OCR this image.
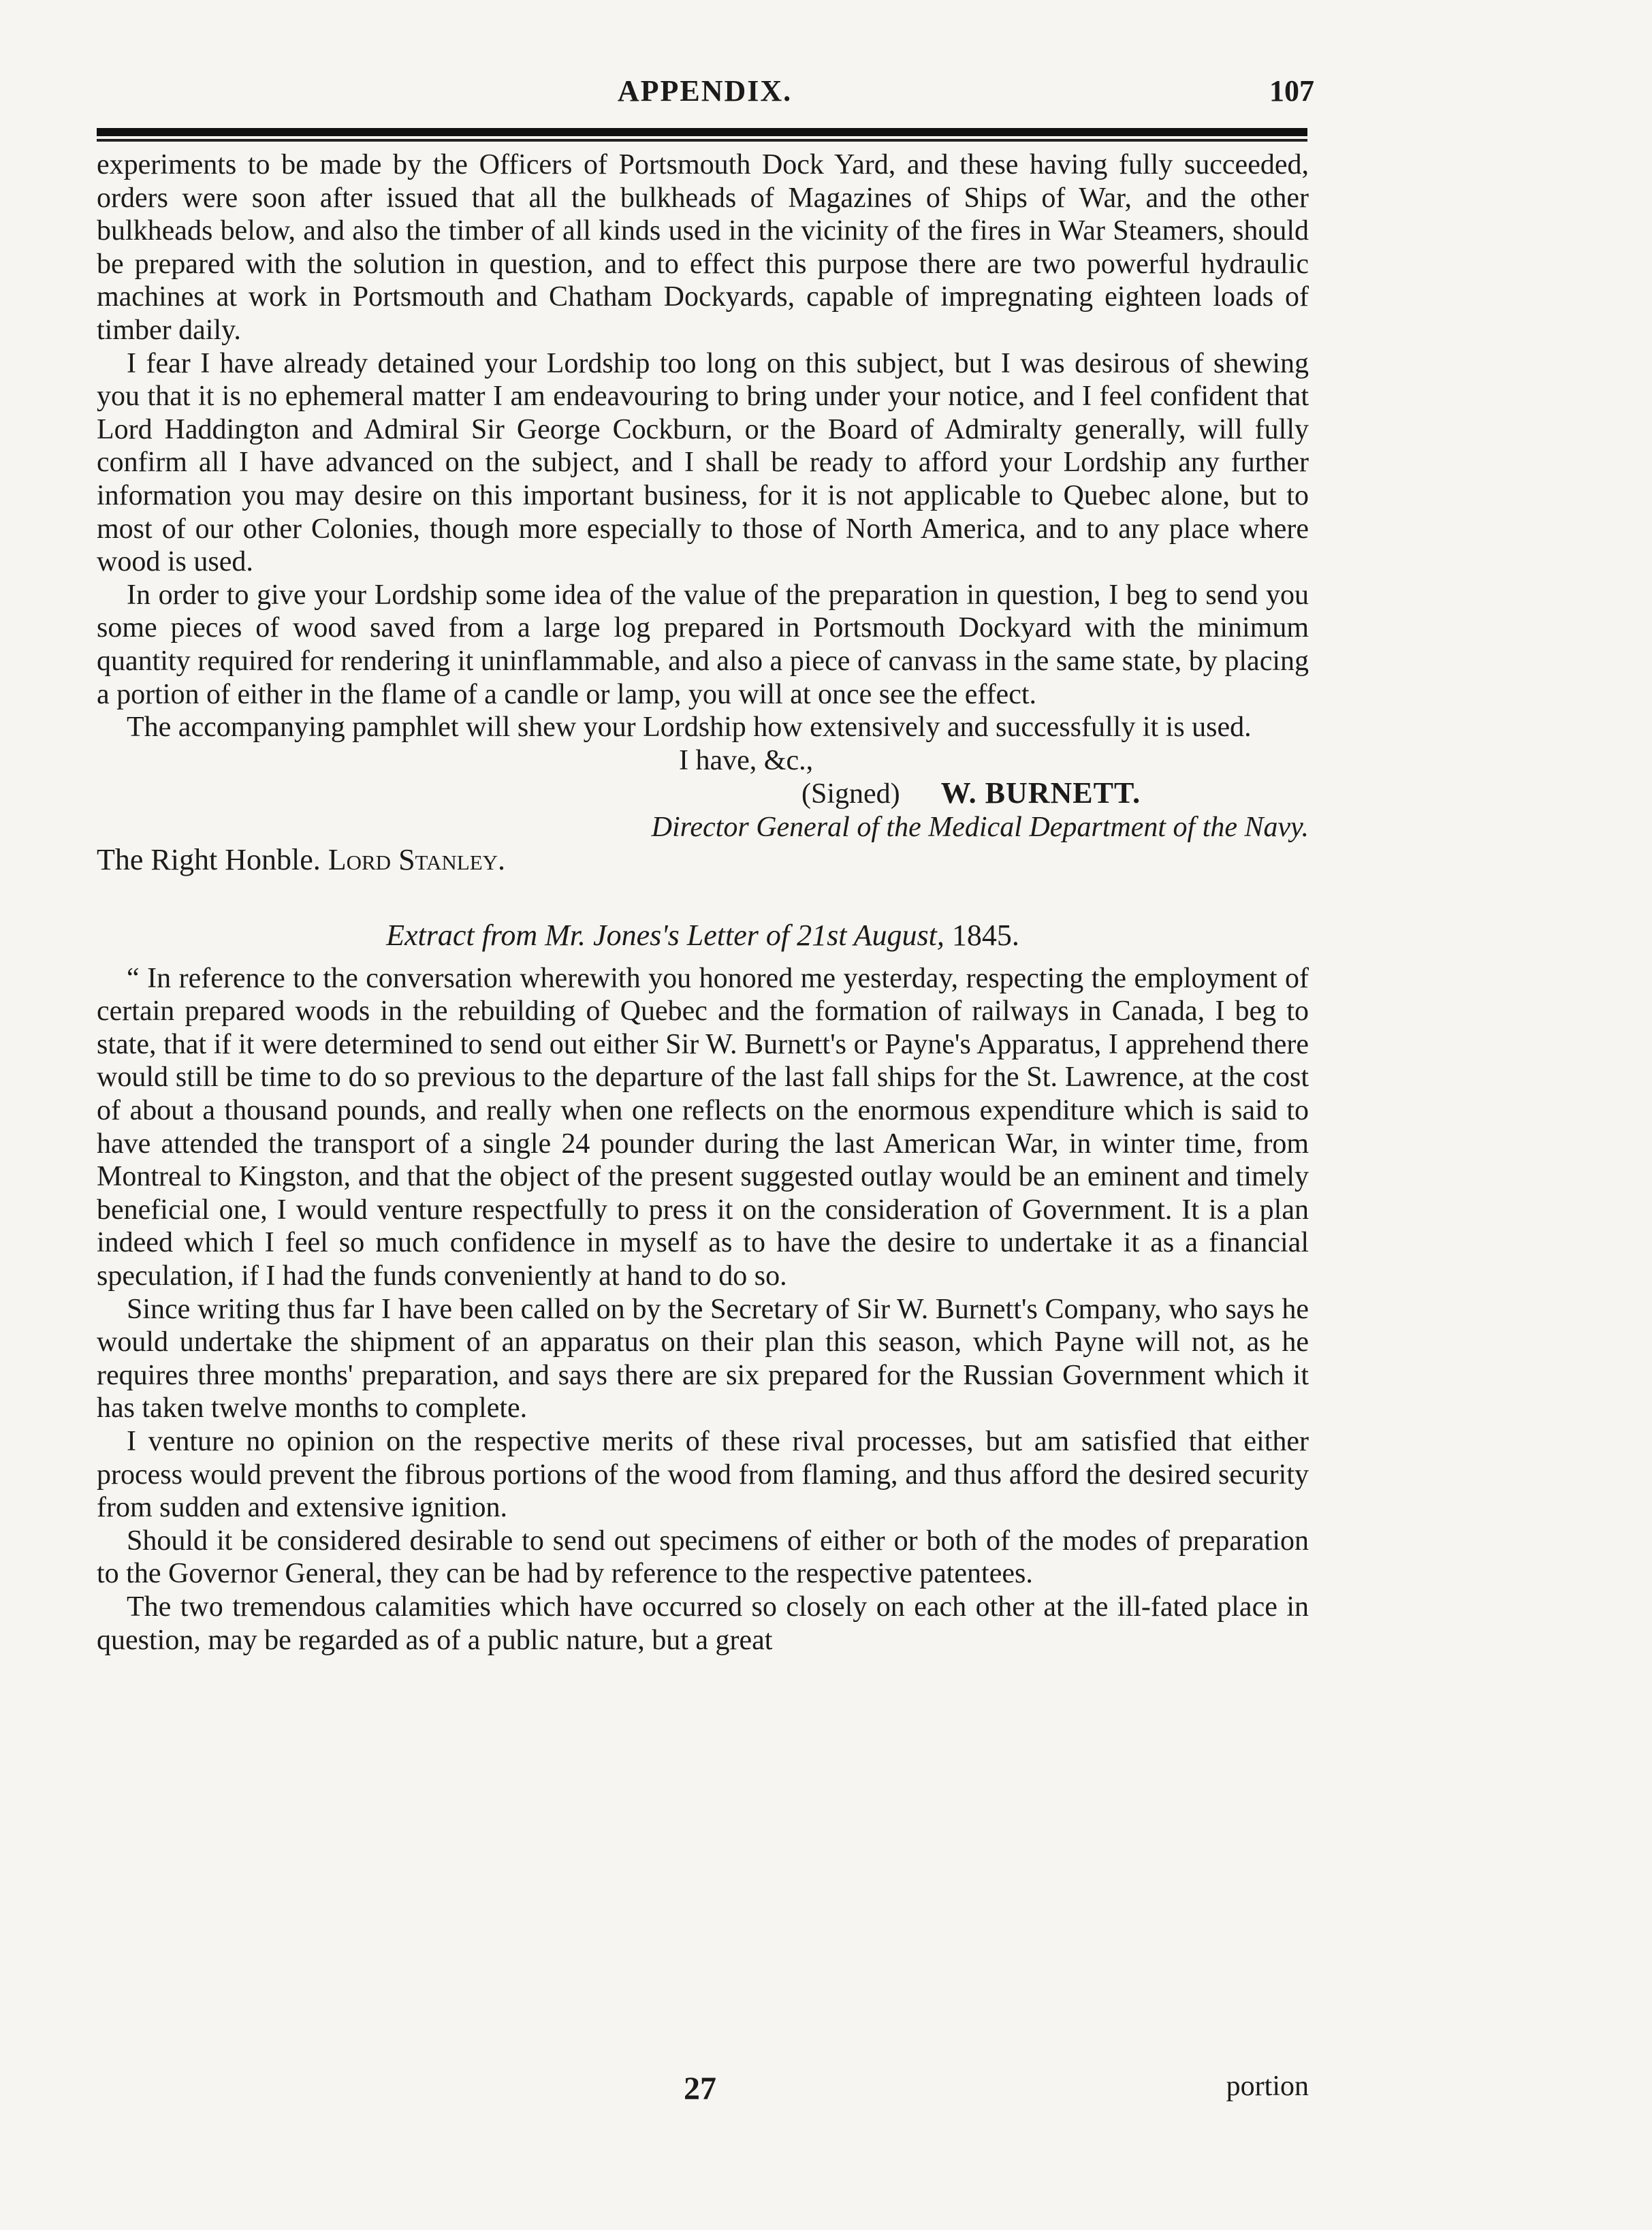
APPENDIX.	107

experiments to be made by the Officers of Portsmouth Dock Yard, and these having fully succeeded, orders were soon after issued that all the bulkheads of Magazines of Ships of War, and the other bulkheads below, and also the timber of all kinds used in the vicinity of the fires in War Steamers, should be prepared with the solution in question, and to effect this purpose there are two powerful hydraulic machines at work in Portsmouth and Chatham Dockyards, capable of impregnating eighteen loads of timber daily.

I fear I have already detained your Lordship too long on this subject, but I was desirous of shewing you that it is no ephemeral matter I am endeavouring to bring under your notice, and I feel confident that Lord Haddington and Admiral Sir George Cockburn, or the Board of Admiralty generally, will fully confirm all I have advanced on the subject, and I shall be ready to afford your Lordship any further information you may desire on this important business, for it is not applicable to Quebec alone, but to most of our other Colonies, though more especially to those of North America, and to any place where wood is used.

In order to give your Lordship some idea of the value of the preparation in question, I beg to send you some pieces of wood saved from a large log prepared in Portsmouth Dockyard with the minimum quantity required for rendering it uninflammable, and also a piece of canvass in the same state, by placing a portion of either in the flame of a candle or lamp, you will at once see the effect.

The accompanying pamphlet will shew your Lordship how extensively and successfully it is used.

I have, &c.,

(Signed) W. BURNETT.

Director General of the Medical Department of the Navy.

The Right Honble. Lord Stanley.

Extract from Mr. Jones's Letter of 21st August, 1845.

“ In reference to the conversation wherewith you honored me yesterday, respecting the employment of certain prepared woods in the rebuilding of Quebec and the formation of railways in Canada, I beg to state, that if it were determined to send out either Sir W. Burnett's or Payne's Apparatus, I apprehend there would still be time to do so previous to the departure of the last fall ships for the St. Lawrence, at the cost of about a thousand pounds, and really when one reflects on the enormous expenditure which is said to have attended the transport of a single 24 pounder during the last American War, in winter time, from Montreal to Kingston, and that the object of the present suggested outlay would be an eminent and timely beneficial one, I would venture respectfully to press it on the consideration of Government. It is a plan indeed which I feel so much confidence in myself as to have the desire to undertake it as a financial speculation, if I had the funds conveniently at hand to do so.

Since writing thus far I have been called on by the Secretary of Sir W. Burnett's Company, who says he would undertake the shipment of an apparatus on their plan this season, which Payne will not, as he requires three months' preparation, and says there are six prepared for the Russian Government which it has taken twelve months to complete.

I venture no opinion on the respective merits of these rival processes, but am satisfied that either process would prevent the fibrous portions of the wood from flaming, and thus afford the desired security from sudden and extensive ignition.

Should it be considered desirable to send out specimens of either or both of the modes of preparation to the Governor General, they can be had by reference to the respective patentees.

The two tremendous calamities which have occurred so closely on each other at the ill-fated place in question, may be regarded as of a public nature, but a great

27	portion
